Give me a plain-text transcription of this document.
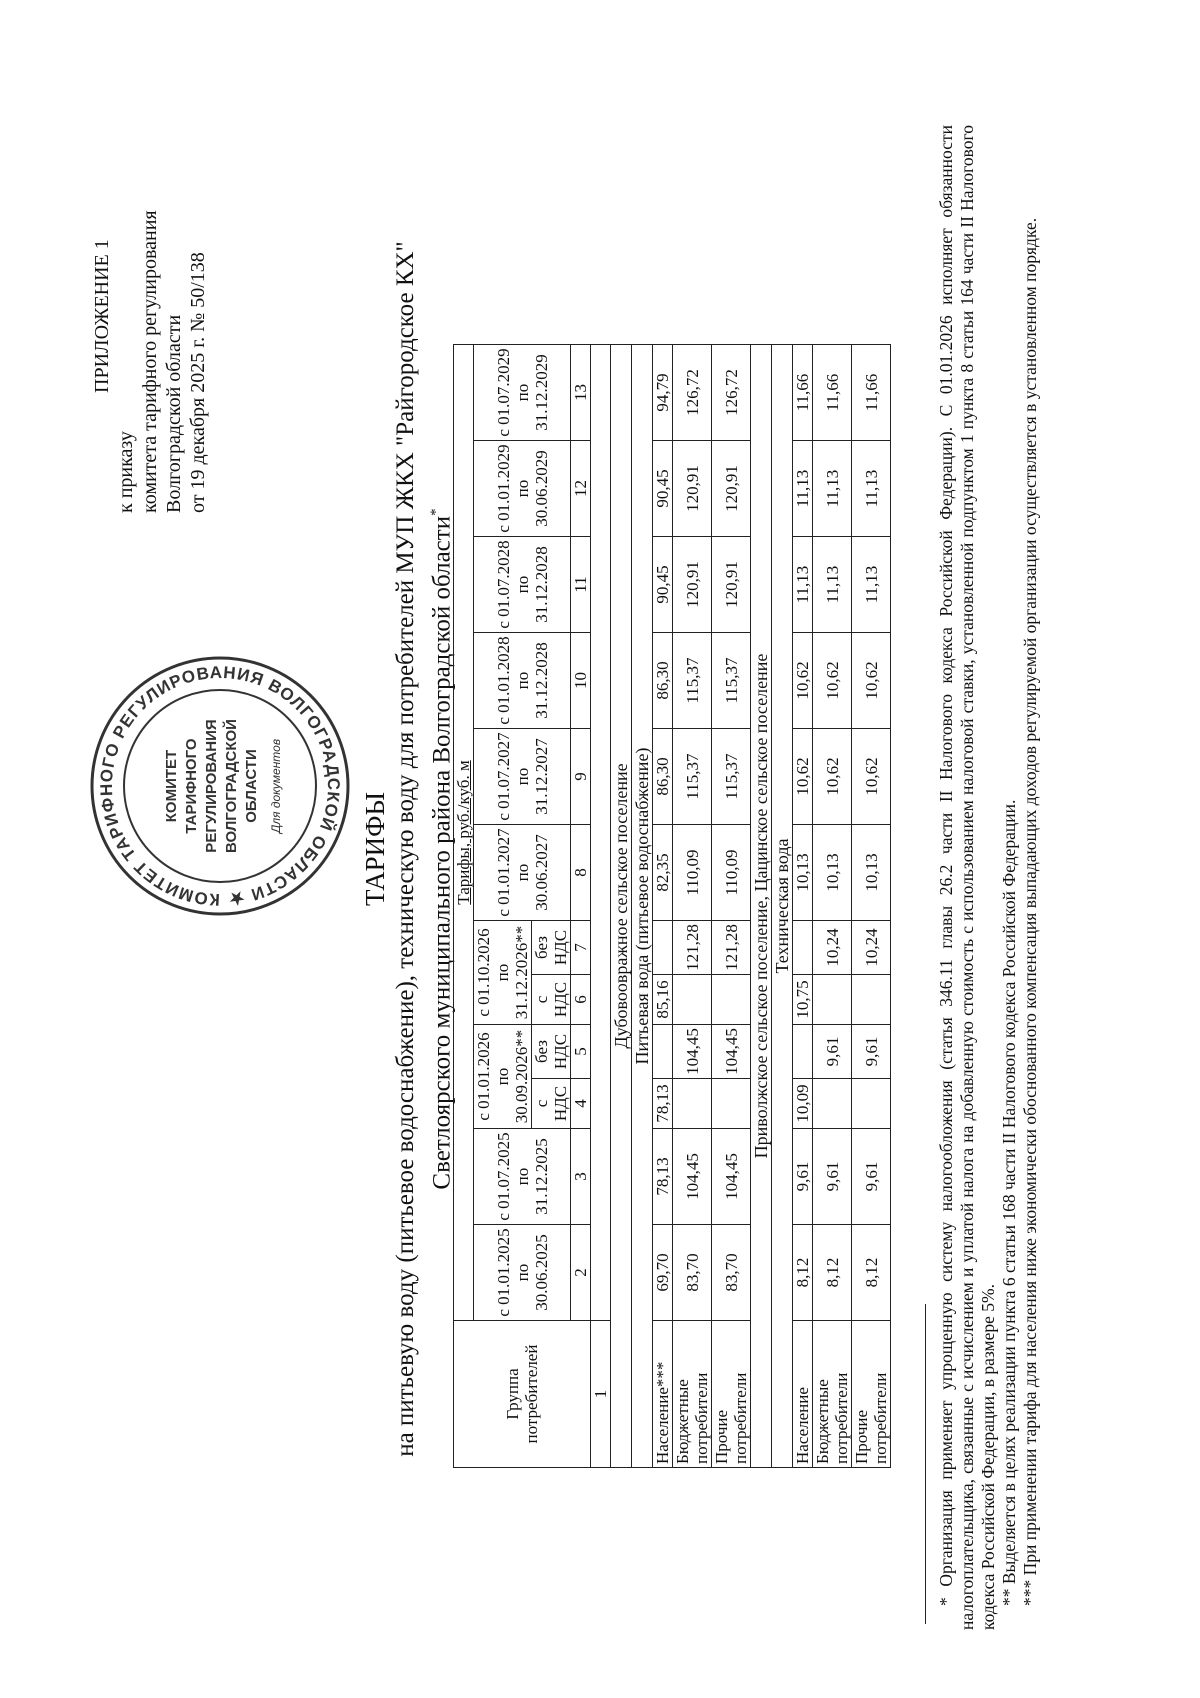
ПРИЛОЖЕНИЕ 1
к приказу комитета тарифного регулирования Волгоградской области от 19 декабря 2025 г. № 50/138
КОМИТЕТ ТАРИФНОГО РЕГУЛИРОВАНИЯ ВОЛГОГРАДСКОЙ ОБЛАСТИ ★
КОМИТЕТ ТАРИФНОГО РЕГУЛИРОВАНИЯ ВОЛГОГРАДСКОЙ ОБЛАСТИ Для документов
ТАРИФЫ на питьевую воду (питьевое водоснабжение), техническую воду для потребителей МУП ЖКХ "Райгородское КХ" Светлоярского муниципального района Волгоградской области*
Группа потребителей	Тарифы, руб./куб. м											
	с 01.01.2025 по 30.06.2025	с 01.07.2025 по 31.12.2025	с 01.01.2026 по 30.09.2026**		с 01.10.2026 по 31.12.2026**		с 01.01.2027 по 30.06.2027	с 01.07.2027 по 31.12.2027	с 01.01.2028 по 31.12.2028	с 01.07.2028 по 31.12.2028	с 01.01.2029 по 30.06.2029	с 01.07.2029 по 31.12.2029
			с НДС	без НДС	с НДС	без НДС						
	2	3	4	5	6	7	8	9	10	11	12	13
1												
Дубовоовражное сельское поселение												
Питьевая вода (питьевое водоснабжение)												
Население***	69,70	78,13	78,13		85,16		82,35	86,30	86,30	90,45	90,45	94,79
Бюджетные потребители	83,70	104,45		104,45		121,28	110,09	115,37	115,37	120,91	120,91	126,72
Прочие потребители	83,70	104,45		104,45		121,28	110,09	115,37	115,37	120,91	120,91	126,72
Приволжское сельское поселение, Цацинское сельское поселение												
Техническая вода												
Население	8,12	9,61	10,09		10,75		10,13	10,62	10,62	11,13	11,13	11,66
Бюджетные потребители	8,12	9,61		9,61		10,24	10,13	10,62	10,62	11,13	11,13	11,66
Прочие потребители	8,12	9,61		9,61		10,24	10,13	10,62	10,62	11,13	11,13	11,66	* Организация применяет упрощенную систему налогообложения (статья 346.11 главы 26.2 части II Налогового кодекса Российской Федерации). С 01.01.2026 исполняет обязанности налогоплательщика, связанные с исчислением и уплатой налога на добавленную стоимость с использованием налоговой ставки, установленной подпунктом 1 пункта 8 статьи 164 части II Налогового кодекса Российской Федерации, в размере 5%. ** Выделяется в целях реализации пункта 6 статьи 168 части II Налогового кодекса Российской Федерации. *** При применении тарифа для населения ниже экономически обоснованного компенсация выпадающих доходов регулируемой организации осуществляется в установленном порядке.
